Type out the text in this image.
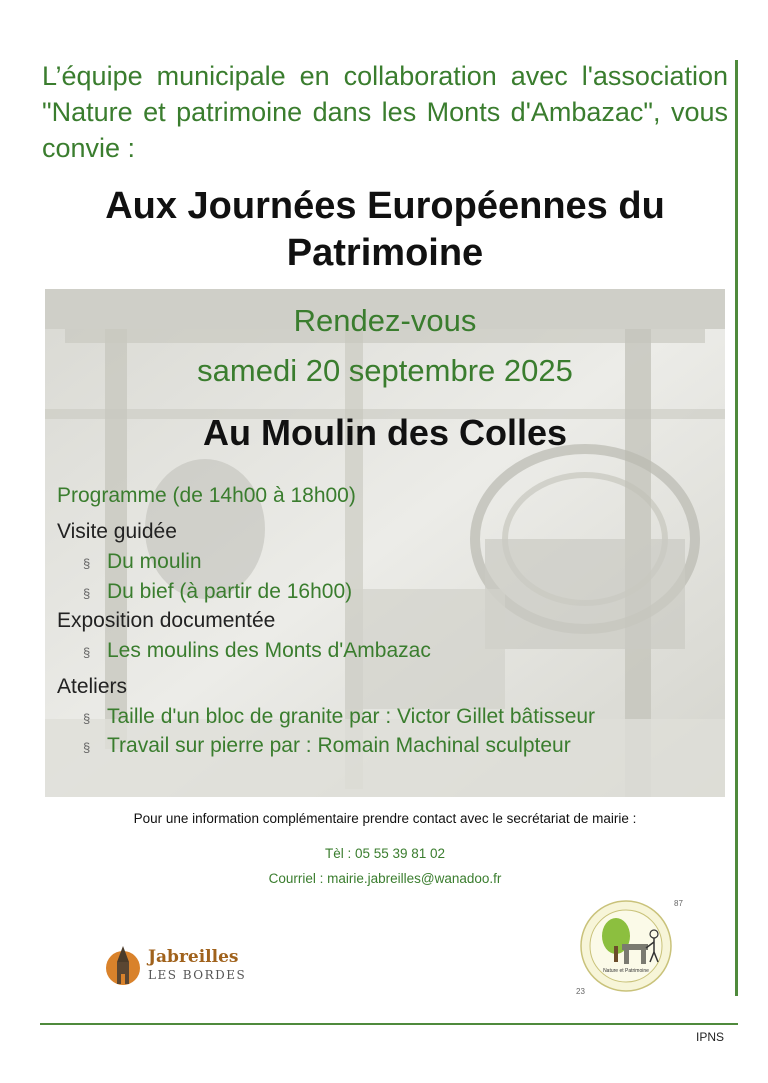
L’équipe municipale en collaboration avec l'association "Nature et patrimoine dans les Monts d'Ambazac", vous convie :
Aux Journées Européennes du
Patrimoine
Rendez-vous
samedi 20 septembre 2025
Au Moulin des Colles
Programme (de 14h00 à 18h00)
Visite guidée
§ Du moulin
§ Du bief (à partir de 16h00)
Exposition documentée
§ Les moulins des Monts d'Ambazac
Ateliers
§ Taille d'un bloc de granite par : Victor Gillet bâtisseur
§ Travail sur pierre par : Romain Machinal sculpteur
Pour une information complémentaire prendre contact avec le secrétariat de mairie :
Tèl : 05 55 39 81 02
Courriel : mairie.jabreilles@wanadoo.fr
Jabreilles
LES BORDES	Nature et Patrimoine
87
23
IPNS
